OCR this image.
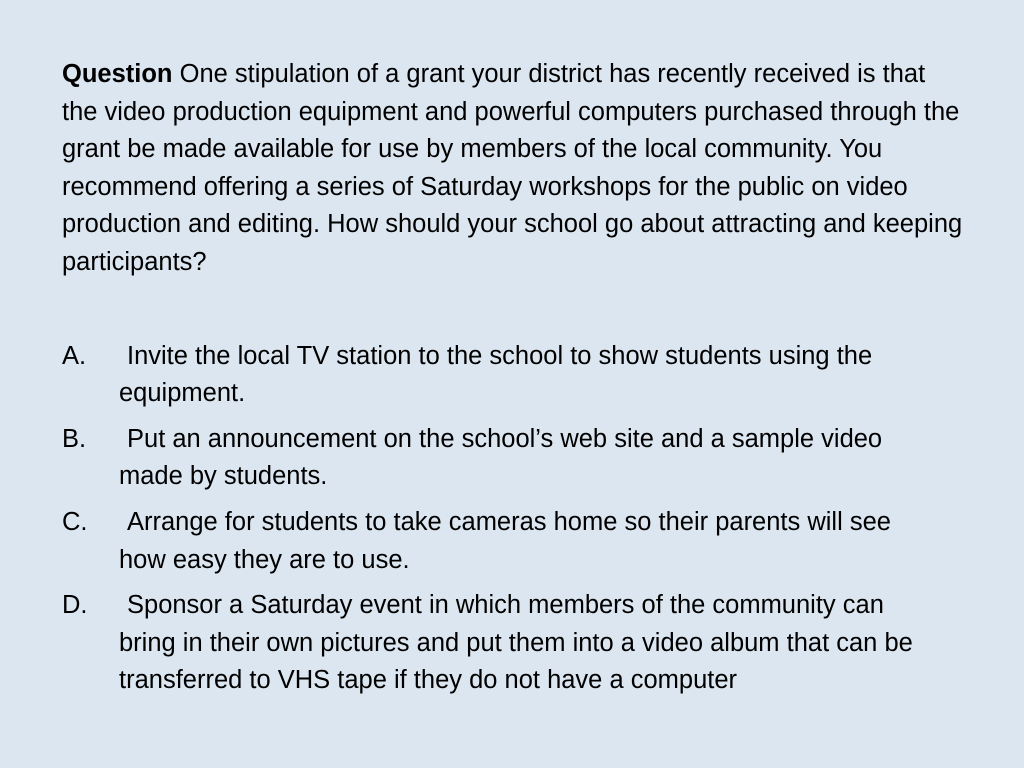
Question One stipulation of a grant your district has recently received is that the video production equipment and powerful computers purchased through the grant be made available for use by members of the local community. You recommend offering a series of Saturday workshops for the public on video production and editing. How should your school go about attracting and keeping participants?

A.	Invite the local TV station to the school to show students using the equipment.
B.	Put an announcement on the school’s web site and a sample video made by students.
C.	Arrange for students to take cameras home so their parents will see how easy they are to use.
D.	Sponsor a Saturday event in which members of the community can bring in their own pictures and put them into a video album that can be transferred to VHS tape if they do not have a computer
